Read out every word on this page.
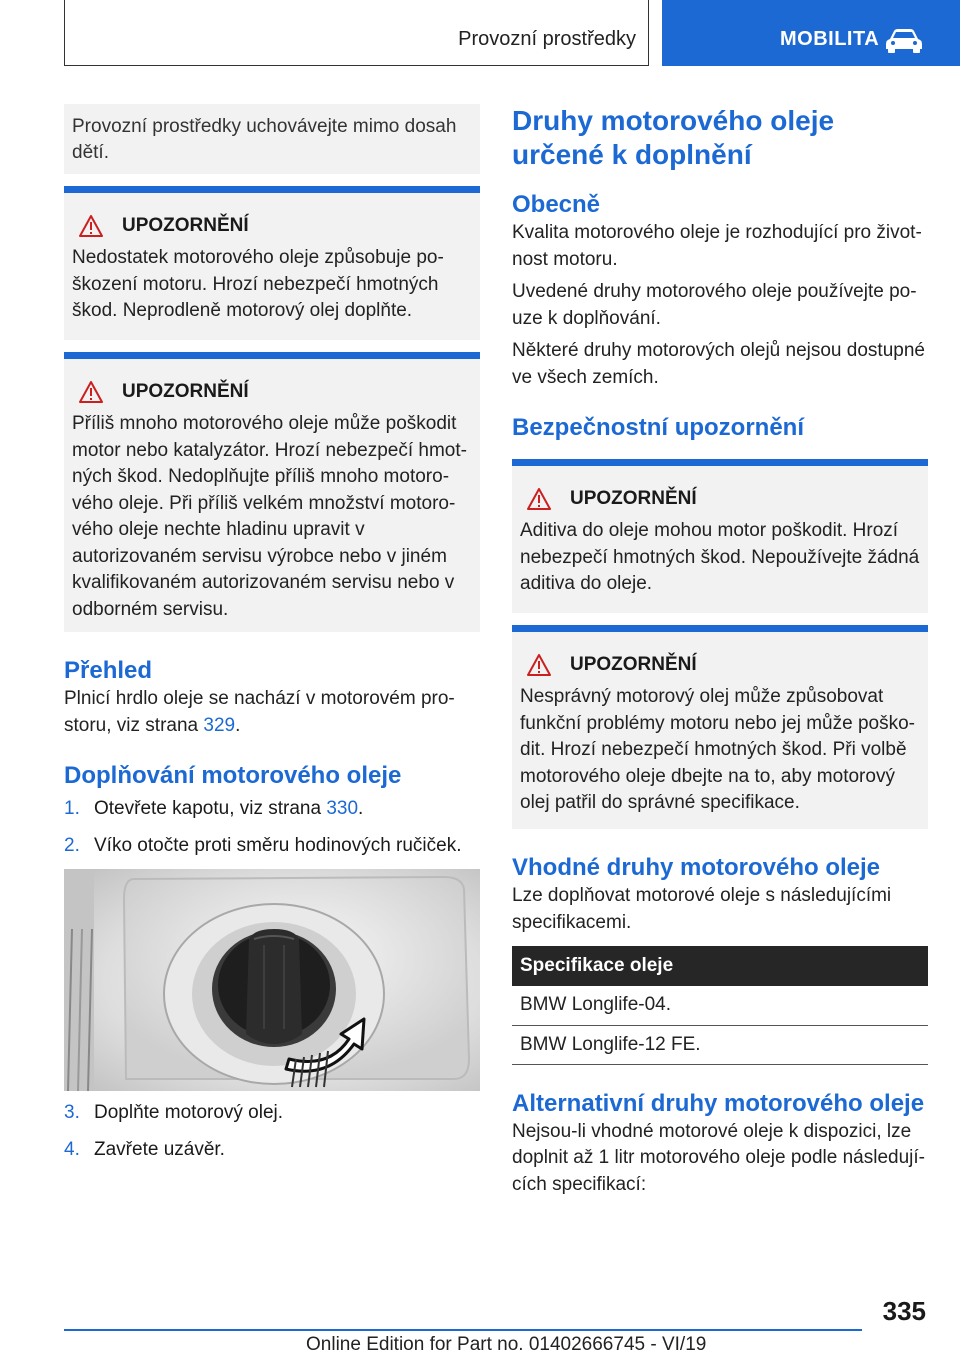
Provozní prostředky	MOBILITA
Provozní prostředky uchovávejte mimo dosah dětí.
UPOZORNĚNÍ
Nedostatek motorového oleje způsobuje poškození motoru. Hrozí nebezpečí hmotných škod. Neprodleně motorový olej doplňte.
UPOZORNĚNÍ
Příliš mnoho motorového oleje může poškodit motor nebo katalyzátor. Hrozí nebezpečí hmotných škod. Nedoplňujte příliš mnoho motorového oleje. Při příliš velkém množství motorového oleje nechte hladinu upravit v autorizovaném servisu výrobce nebo v jiném kvalifikovaném autorizovaném servisu nebo v odborném servisu.
Přehled

Plnicí hrdlo oleje se nachází v motorovém prostoru, viz strana 329.

Doplňování motorového oleje
1. Otevřete kapotu, viz strana 330.
2. Víko otočte proti směru hodinových ručiček.
3. Doplňte motorový olej.
4. Zavřete uzávěr.
Druhy motorového oleje určené k doplnění
Obecně

Kvalita motorového oleje je rozhodující pro životnost motoru.

Uvedené druhy motorového oleje používejte pouze k doplňování.

Některé druhy motorových olejů nejsou dostupné ve všech zemích.

Bezpečnostní upozornění
UPOZORNĚNÍ
Aditiva do oleje mohou motor poškodit. Hrozí nebezpečí hmotných škod. Nepoužívejte žádná aditiva do oleje.
UPOZORNĚNÍ
Nesprávný motorový olej může způsobovat funkční problémy motoru nebo jej může poškodit. Hrozí nebezpečí hmotných škod. Při volbě motorového oleje dbejte na to, aby motorový olej patřil do správné specifikace.
Vhodné druhy motorového oleje

Lze doplňovat motorové oleje s následujícími specifikacemi.

Specifikace oleje
BMW Longlife-04.
BMW Longlife-12 FE.
Alternativní druhy motorového oleje

Nejsou-li vhodné motorové oleje k dispozici, lze doplnit až 1 litr motorového oleje podle následujících specifikací:

335
Online Edition for Part no. 01402666745 - VI/19
